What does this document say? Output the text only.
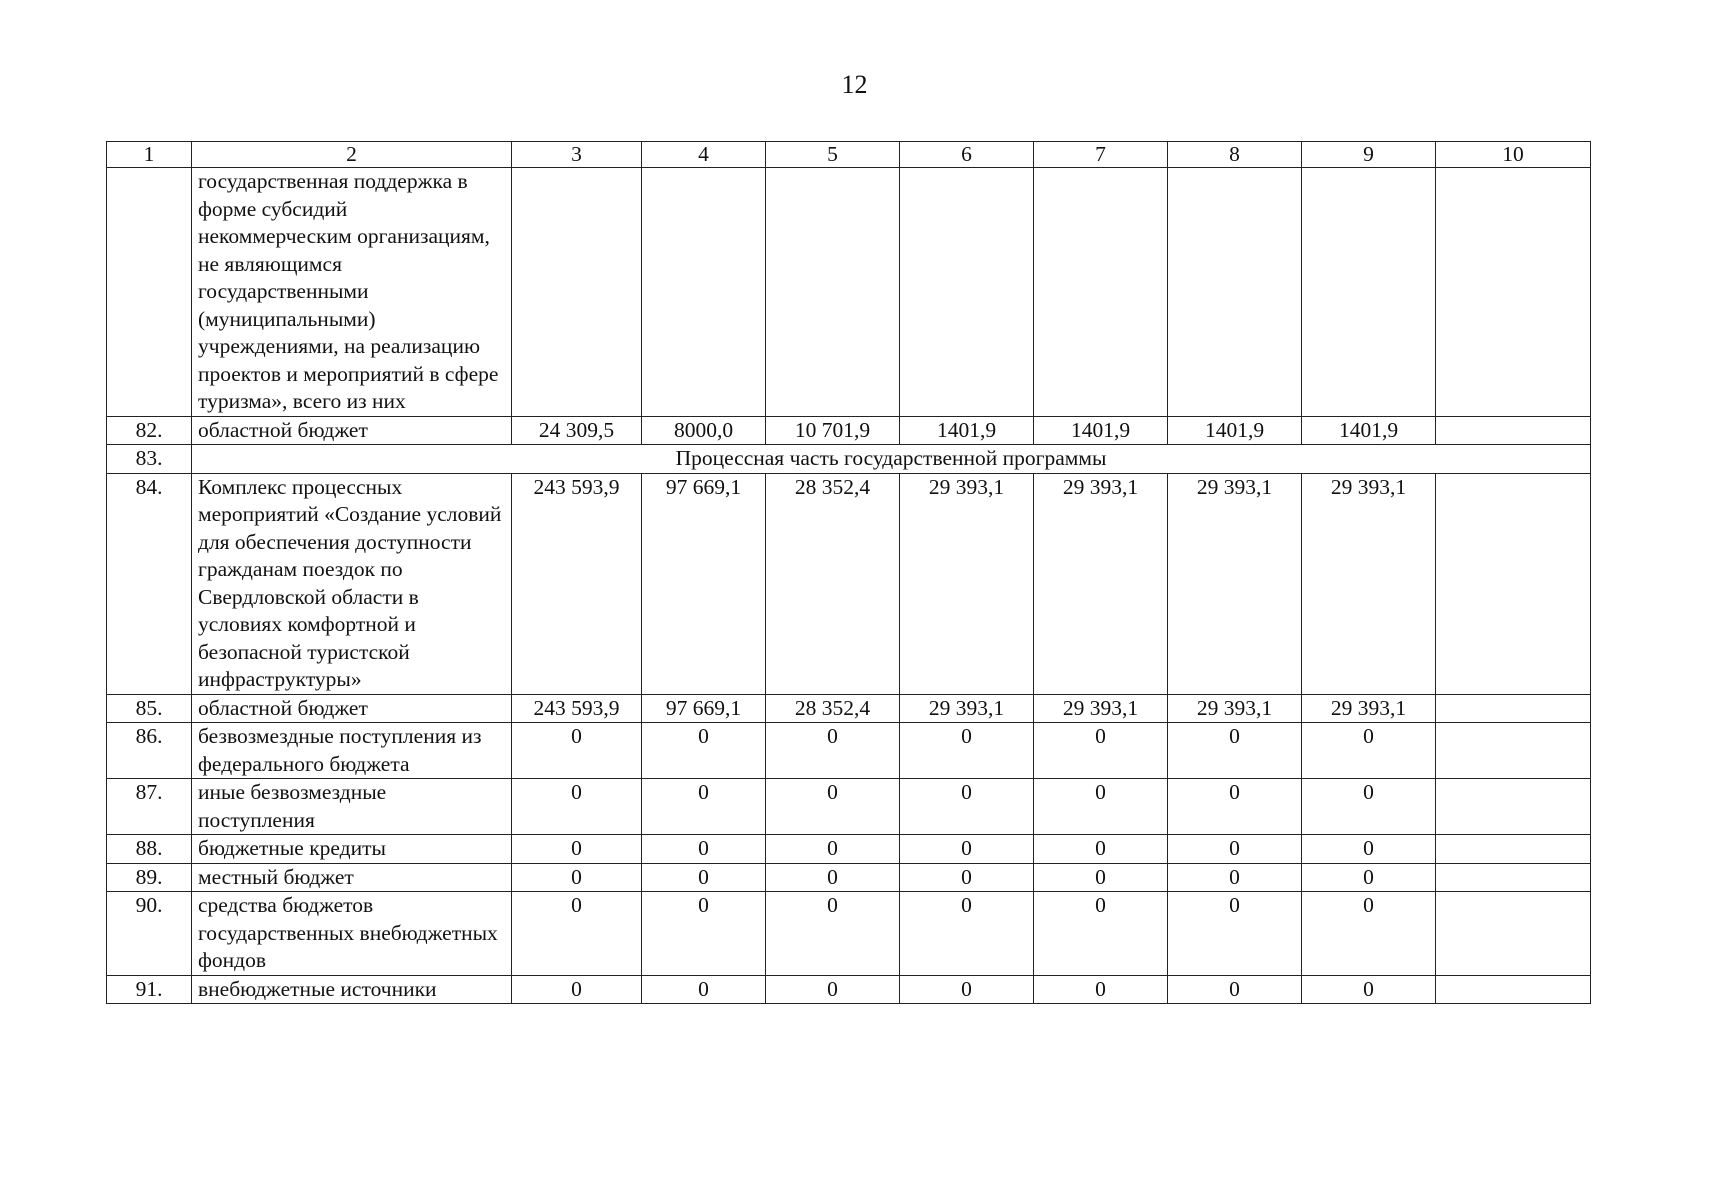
12
1	2	3	4	5	6	7	8	9	10
	государственная поддержка в форме субсидий некоммерческим организациям, не являющимся государственными (муниципальными) учреждениями, на реализацию проектов и мероприятий в сфере туризма», всего из них								
82.	областной бюджет	24 309,5	8000,0	10 701,9	1401,9	1401,9	1401,9	1401,9	
83.	Процессная часть государственной программы								
84.	Комплекс процессных мероприятий «Создание условий для обеспечения доступности гражданам поездок по Свердловской области в условиях комфортной и безопасной туристской инфраструктуры»	243 593,9	97 669,1	28 352,4	29 393,1	29 393,1	29 393,1	29 393,1	
85.	областной бюджет	243 593,9	97 669,1	28 352,4	29 393,1	29 393,1	29 393,1	29 393,1	
86.	безвозмездные поступления из федерального бюджета	0	0	0	0	0	0	0	
87.	иные безвозмездные поступления	0	0	0	0	0	0	0	
88.	бюджетные кредиты	0	0	0	0	0	0	0	
89.	местный бюджет	0	0	0	0	0	0	0	
90.	средства бюджетов государственных внебюджетных фондов	0	0	0	0	0	0	0	
91.	внебюджетные источники	0	0	0	0	0	0	0	
